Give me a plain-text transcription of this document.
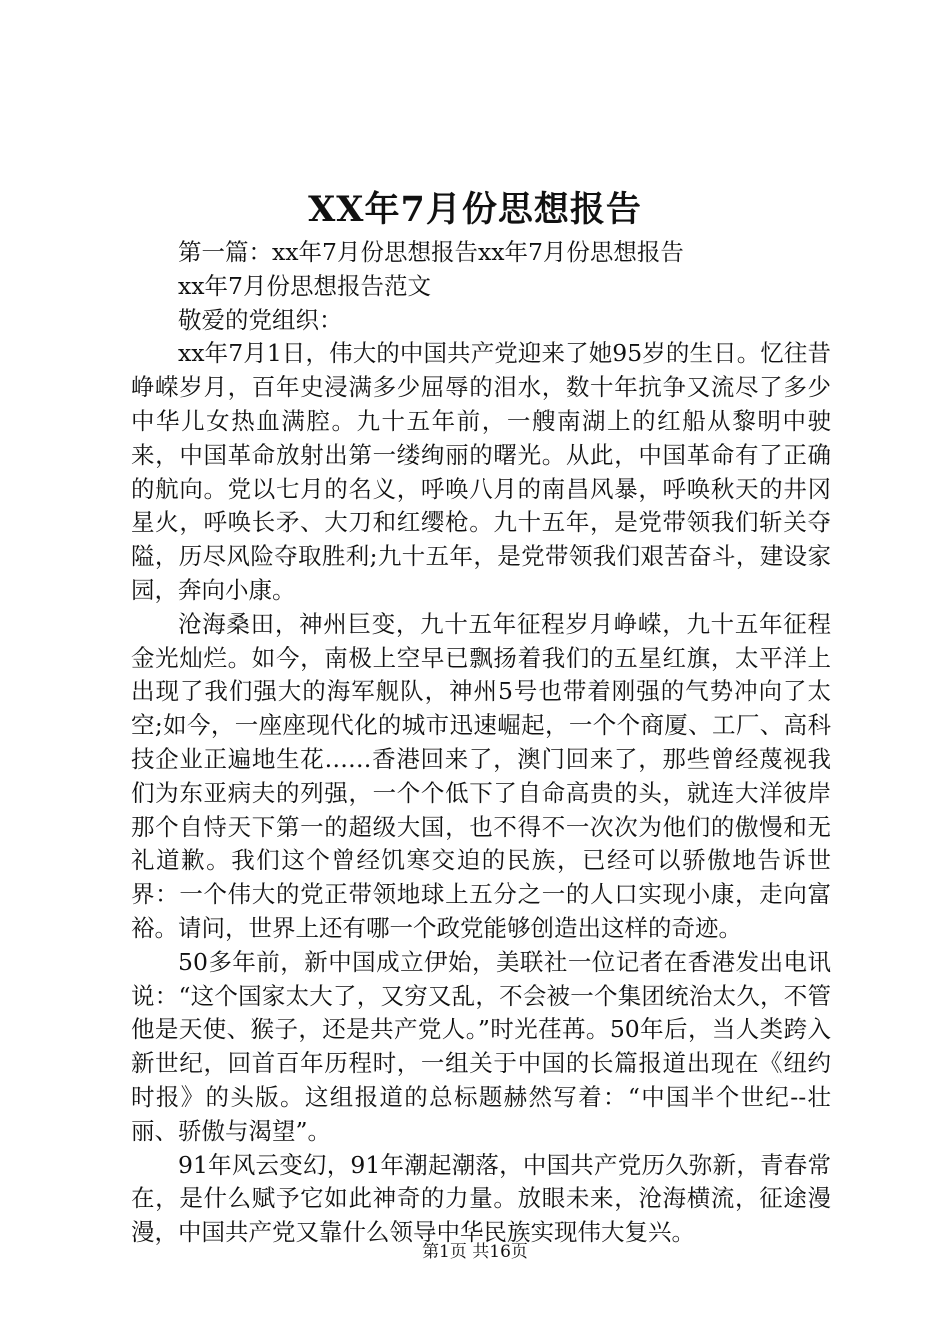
XX年7月份思想报告

第一篇：xx年7月份思想报告xx年7月份思想报告

xx年7月份思想报告范文

敬爱的党组织：

xx年7月1日，伟大的中国共产党迎来了她95岁的生日。忆往昔峥嵘岁月，百年史浸满多少屈辱的泪水，数十年抗争又流尽了多少中华儿女热血满腔。九十五年前，一艘南湖上的红船从黎明中驶来，中国革命放射出第一缕绚丽的曙光。从此，中国革命有了正确的航向。党以七月的名义，呼唤八月的南昌风暴，呼唤秋天的井冈星火，呼唤长矛、大刀和红缨枪。九十五年，是党带领我们斩关夺隘，历尽风险夺取胜利;九十五年，是党带领我们艰苦奋斗，建设家园，奔向小康。

沧海桑田，神州巨变，九十五年征程岁月峥嵘，九十五年征程金光灿烂。如今，南极上空早已飘扬着我们的五星红旗，太平洋上出现了我们强大的海军舰队，神州5号也带着刚强的气势冲向了太空;如今，一座座现代化的城市迅速崛起，一个个商厦、工厂、高科技企业正遍地生花……香港回来了，澳门回来了，那些曾经蔑视我们为东亚病夫的列强，一个个低下了自命高贵的头，就连大洋彼岸那个自恃天下第一的超级大国，也不得不一次次为他们的傲慢和无礼道歉。我们这个曾经饥寒交迫的民族，已经可以骄傲地告诉世界：一个伟大的党正带领地球上五分之一的人口实现小康，走向富裕。请问，世界上还有哪一个政党能够创造出这样的奇迹。

50多年前，新中国成立伊始，美联社一位记者在香港发出电讯说：“这个国家太大了，又穷又乱，不会被一个集团统治太久，不管他是天使、猴子，还是共产党人。”时光荏苒。50年后，当人类跨入新世纪，回首百年历程时，一组关于中国的长篇报道出现在《纽约时报》的头版。这组报道的总标题赫然写着：“中国半个世纪--壮丽、骄傲与渴望”。

91年风云变幻，91年潮起潮落，中国共产党历久弥新，青春常在，是什么赋予它如此神奇的力量。放眼未来，沧海横流，征途漫漫，中国共产党又靠什么领导中华民族实现伟大复兴。

第1页 共16页
